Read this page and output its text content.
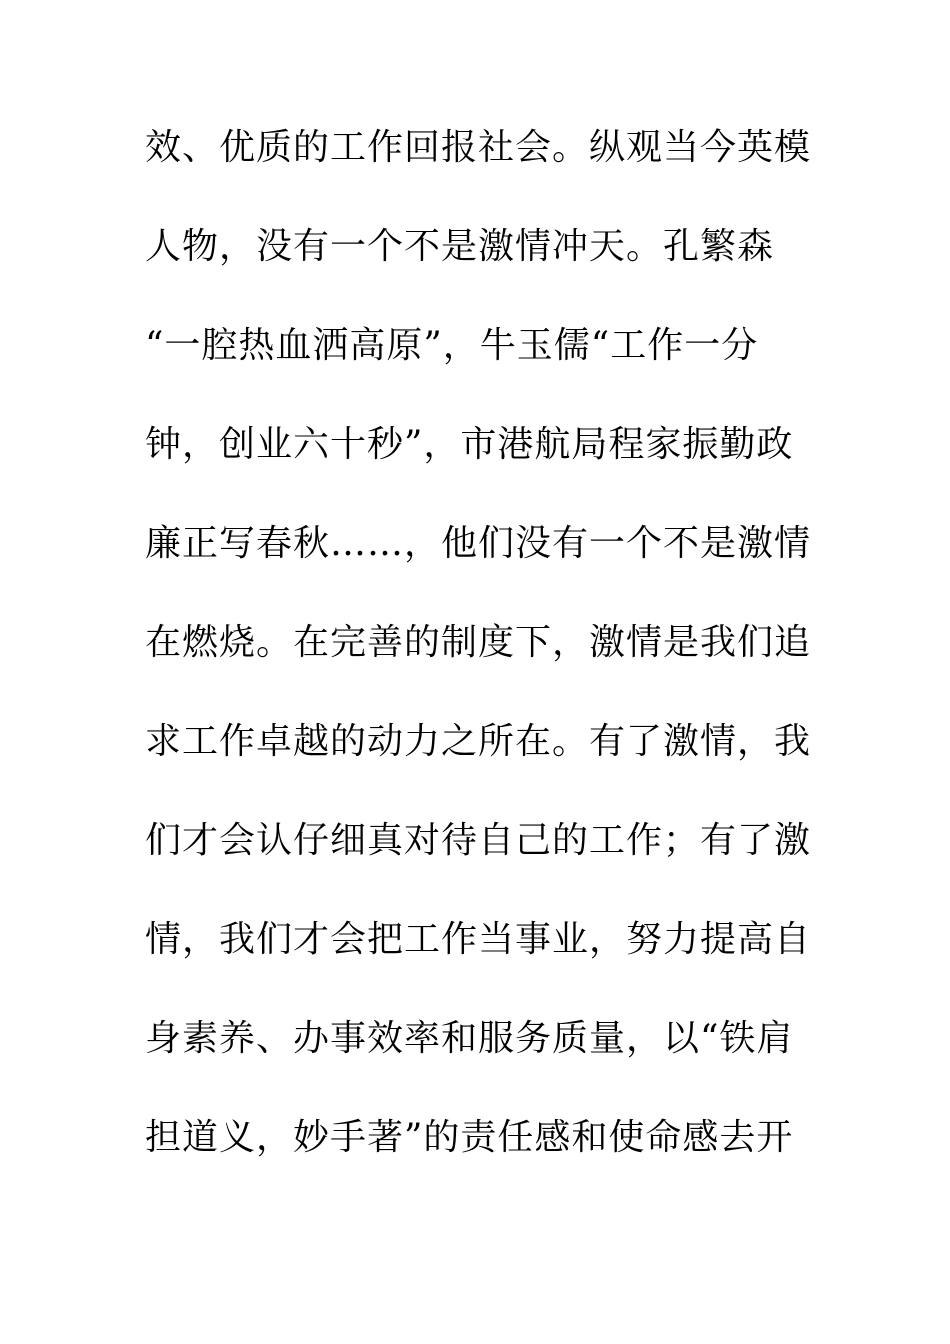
效、优质的工作回报社会。纵观当今英模
人物，没有一个不是激情冲天。孔繁森
“一腔热血洒高原”，牛玉儒“工作一分
钟，创业六十秒”，市港航局程家振勤政
廉正写春秋……，他们没有一个不是激情
在燃烧。在完善的制度下，激情是我们追
求工作卓越的动力之所在。有了激情，我
们才会认仔细真对待自己的工作；有了激
情，我们才会把工作当事业，努力提高自
身素养、办事效率和服务质量，以“铁肩
担道义，妙手著”的责任感和使命感去开
